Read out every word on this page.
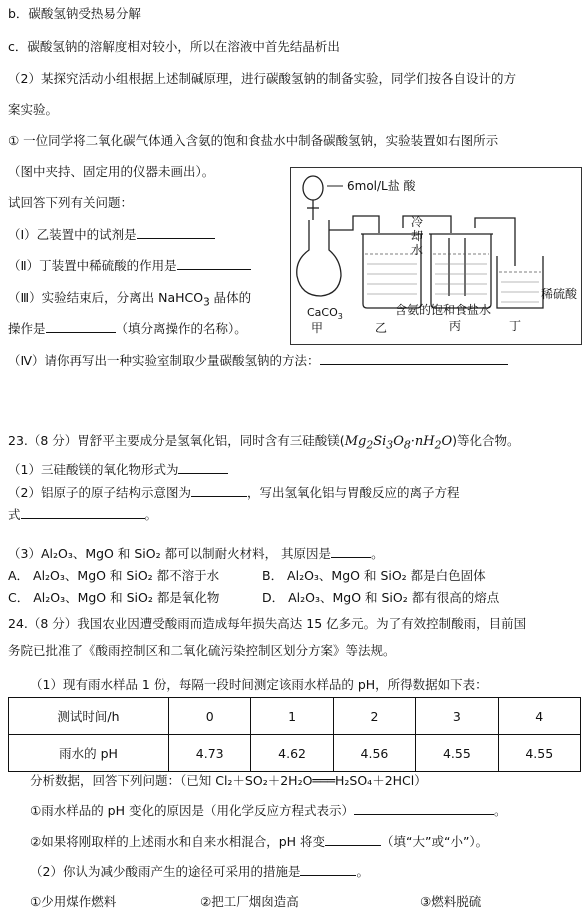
b．碳酸氢钠受热易分解
c．碳酸氢钠的溶解度相对较小，所以在溶液中首先结晶析出
（2）某探究活动小组根据上述制碱原理，进行碳酸氢钠的制备实验，同学们按各自设计的方
案实验。
① 一位同学将二氧化碳气体通入含氨的饱和食盐水中制备碳酸氢钠，实验装置如右图所示
（图中夹持、固定用的仪器未画出）。
试回答下列有关问题：
（Ⅰ）乙装置中的试剂是
（Ⅱ）丁装置中稀硫酸的作用是
（Ⅲ）实验结束后，分离出 NaHCO$_3$ 晶体的
操作是	（填分离操作的名称）。
（Ⅳ）请你再写出一种实验室制取少量碳酸氢钠的方法：
6mol/L盐 酸
CaCO$_3$
甲
冷
却
水
含氨的饱和食盐水
乙	丙	丁
稀硫酸
23.（8 分）胃舒平主要成分是氢氧化铝，同时含有三硅酸镁$(Mg_2Si_3O_8\cdot nH_2O)$等化合物。
（1）三硅酸镁的氧化物形式为
（2）铝原子的原子结构示意图为	，写出氢氧化铝与胃酸反应的离子方程
式	。
（3）Al₂O₃、MgO 和 SiO₂ 都可以制耐火材料， 其原因是	。
A． Al₂O₃、MgO 和 SiO₂ 都不溶于水	B． Al₂O₃、MgO 和 SiO₂ 都是白色固体
C． Al₂O₃、MgO 和 SiO₂ 都是氧化物	D． Al₂O₃、MgO 和 SiO₂ 都有很高的熔点
24.（8 分）我国农业因遭受酸雨而造成每年损失高达 15 亿多元。为了有效控制酸雨，目前国
务院已批准了《酸雨控制区和二氧化硫污染控制区划分方案》等法规。
（1）现有雨水样品 1 份，每隔一段时间测定该雨水样品的 pH，所得数据如下表：
测试时间/h	0	1	2	3	4
雨水的 pH	4.73	4.62	4.56	4.55	4.55
分析数据，回答下列问题：（已知 Cl₂＋SO₂＋2H₂O═══H₂SO₄＋2HCl）
①雨水样品的 pH 变化的原因是（用化学反应方程式表示）	。
②如果将刚取样的上述雨水和自来水相混合，pH 将变	（填“大”或“小”）。
（2）你认为减少酸雨产生的途径可采用的措施是	。
①少用煤作燃料	②把工厂烟囱造高	③燃料脱硫
